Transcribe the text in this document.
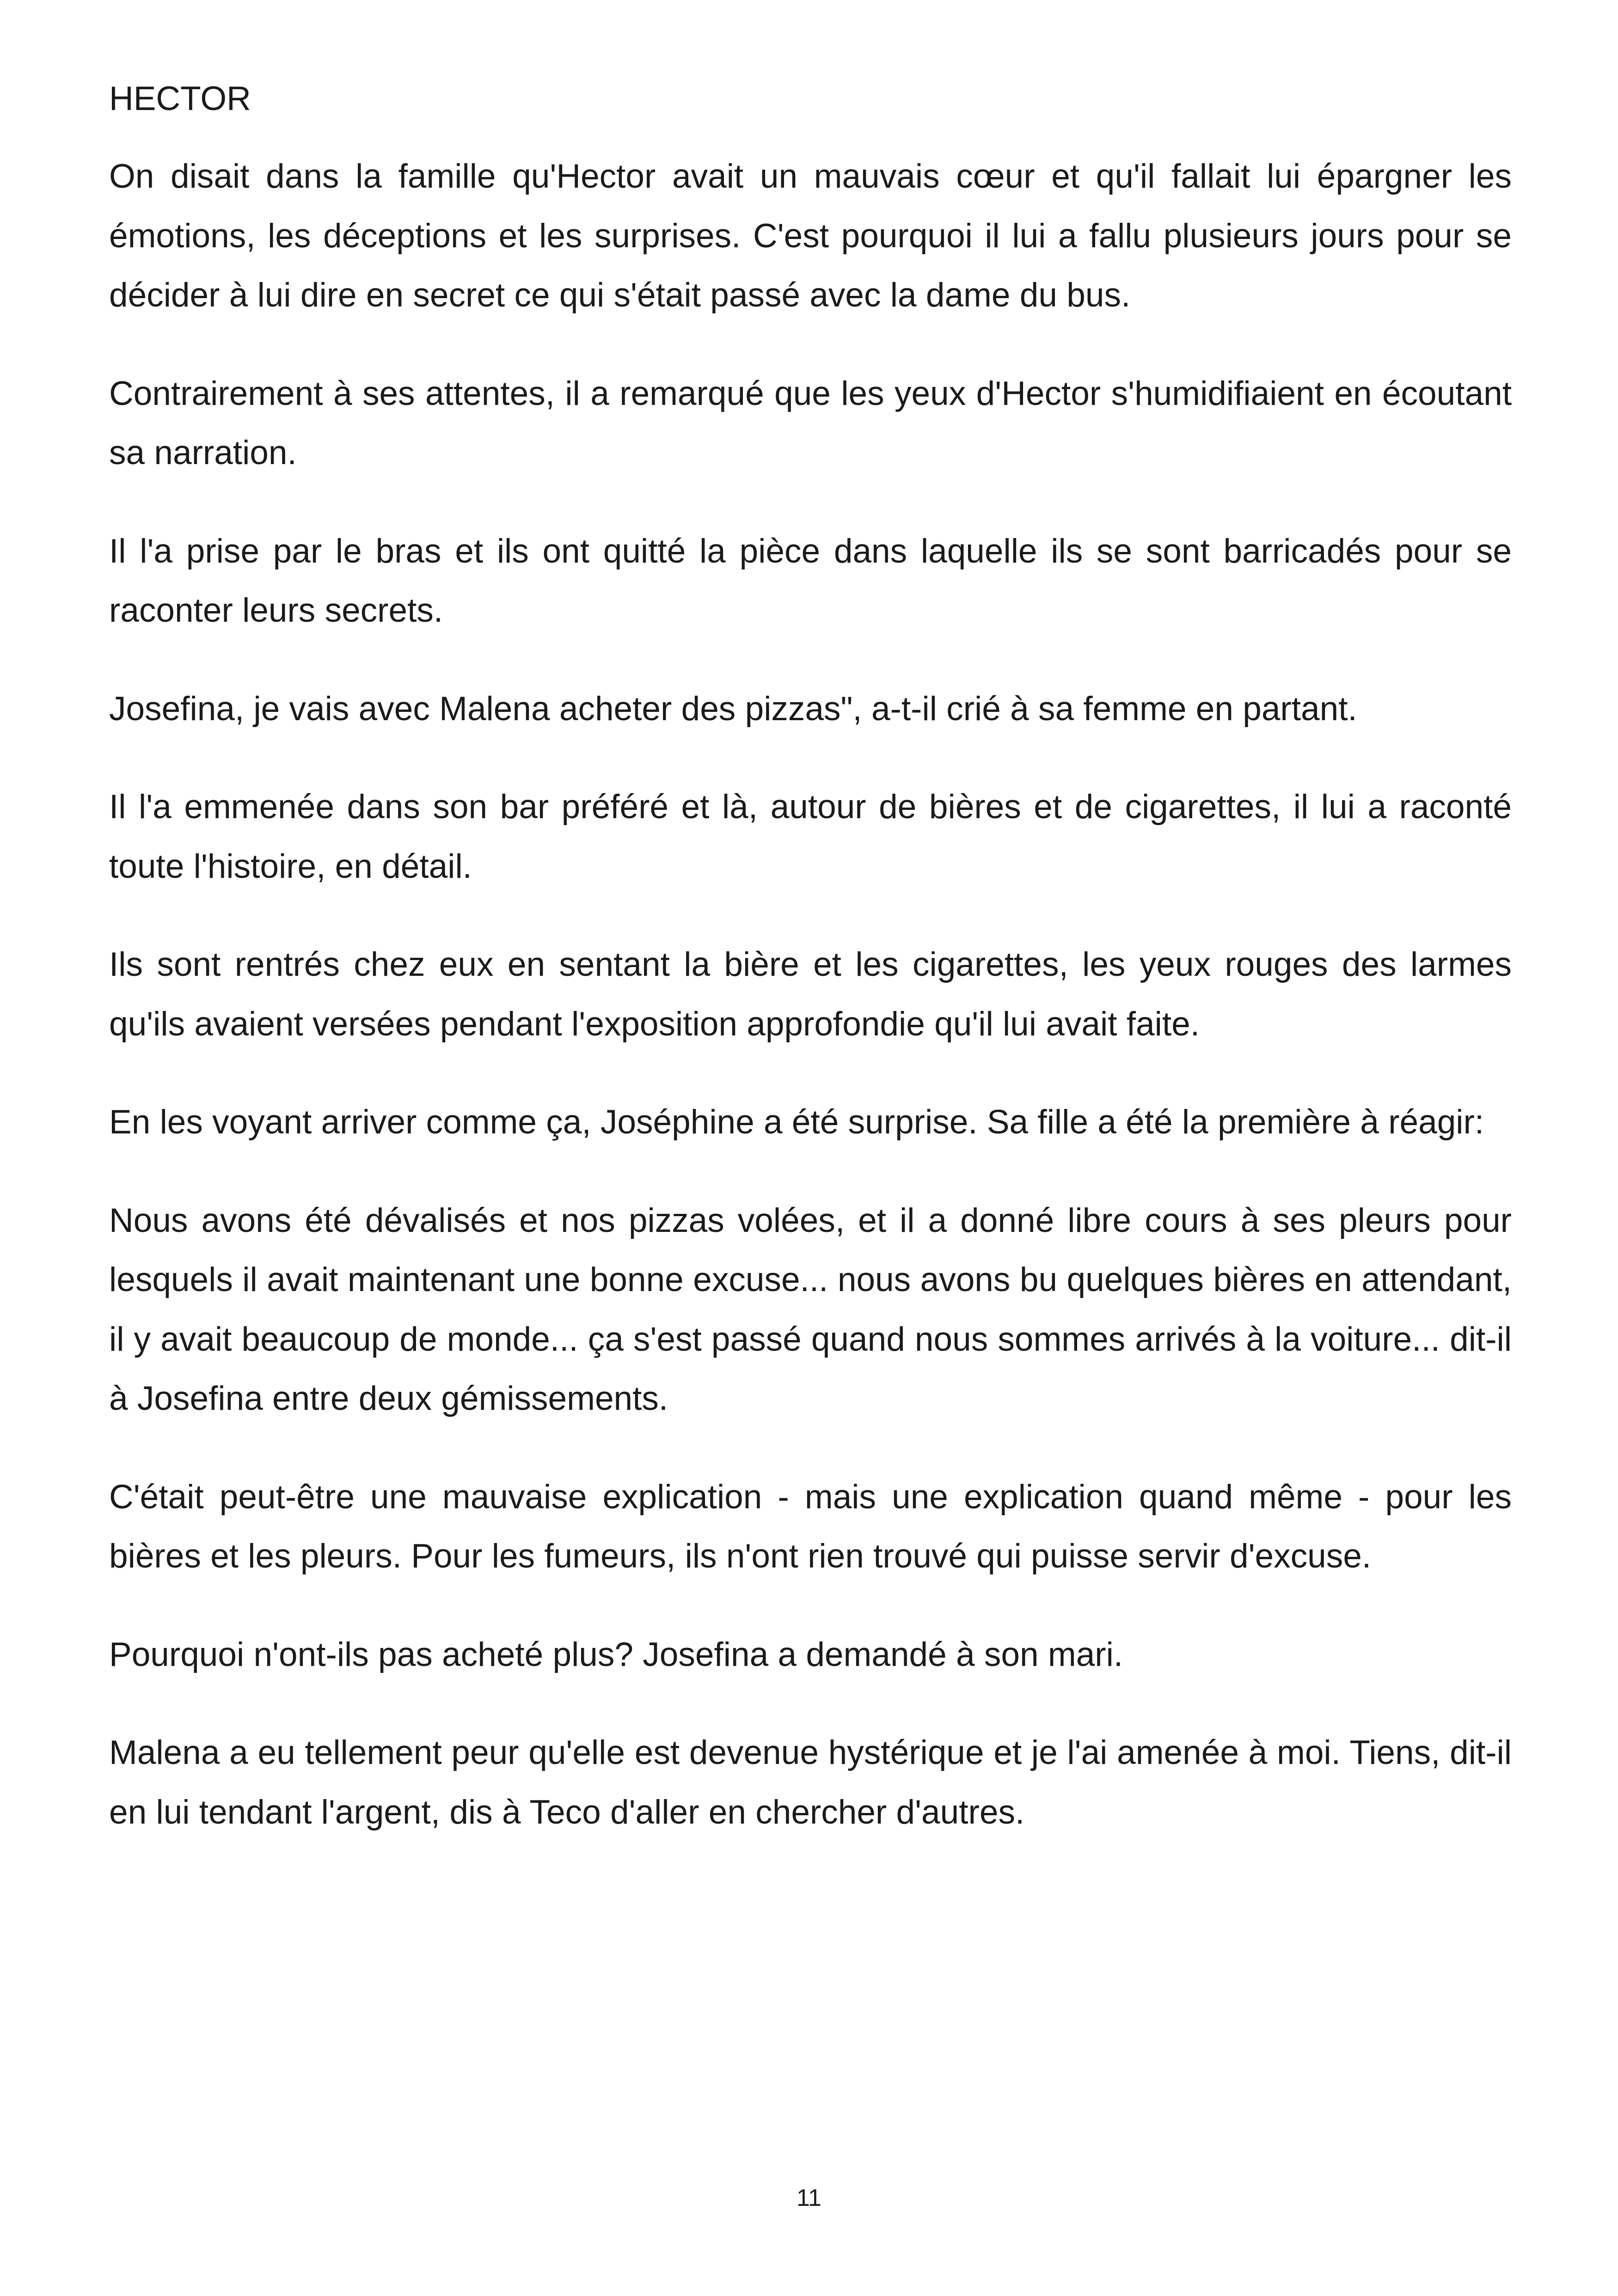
HECTOR

On disait dans la famille qu'Hector avait un mauvais cœur et qu'il fallait lui épargner les émotions, les déceptions et les surprises. C'est pourquoi il lui a fallu plusieurs jours pour se décider à lui dire en secret ce qui s'était passé avec la dame du bus.

Contrairement à ses attentes, il a remarqué que les yeux d'Hector s'humidifiaient en écoutant sa narration.

Il l'a prise par le bras et ils ont quitté la pièce dans laquelle ils se sont barricadés pour se raconter leurs secrets.

Josefina, je vais avec Malena acheter des pizzas", a-t-il crié à sa femme en partant.

Il l'a emmenée dans son bar préféré et là, autour de bières et de cigarettes, il lui a raconté toute l'histoire, en détail.

Ils sont rentrés chez eux en sentant la bière et les cigarettes, les yeux rouges des larmes qu'ils avaient versées pendant l'exposition approfondie qu'il lui avait faite.

En les voyant arriver comme ça, Joséphine a été surprise. Sa fille a été la première à réagir:

Nous avons été dévalisés et nos pizzas volées, et il a donné libre cours à ses pleurs pour lesquels il avait maintenant une bonne excuse... nous avons bu quelques bières en attendant, il y avait beaucoup de monde... ça s'est passé quand nous sommes arrivés à la voiture... dit-il à Josefina entre deux gémissements.

C'était peut-être une mauvaise explication - mais une explication quand même - pour les bières et les pleurs. Pour les fumeurs, ils n'ont rien trouvé qui puisse servir d'excuse.

Pourquoi n'ont-ils pas acheté plus? Josefina a demandé à son mari.

Malena a eu tellement peur qu'elle est devenue hystérique et je l'ai amenée à moi. Tiens, dit-il en lui tendant l'argent, dis à Teco d'aller en chercher d'autres.

11
